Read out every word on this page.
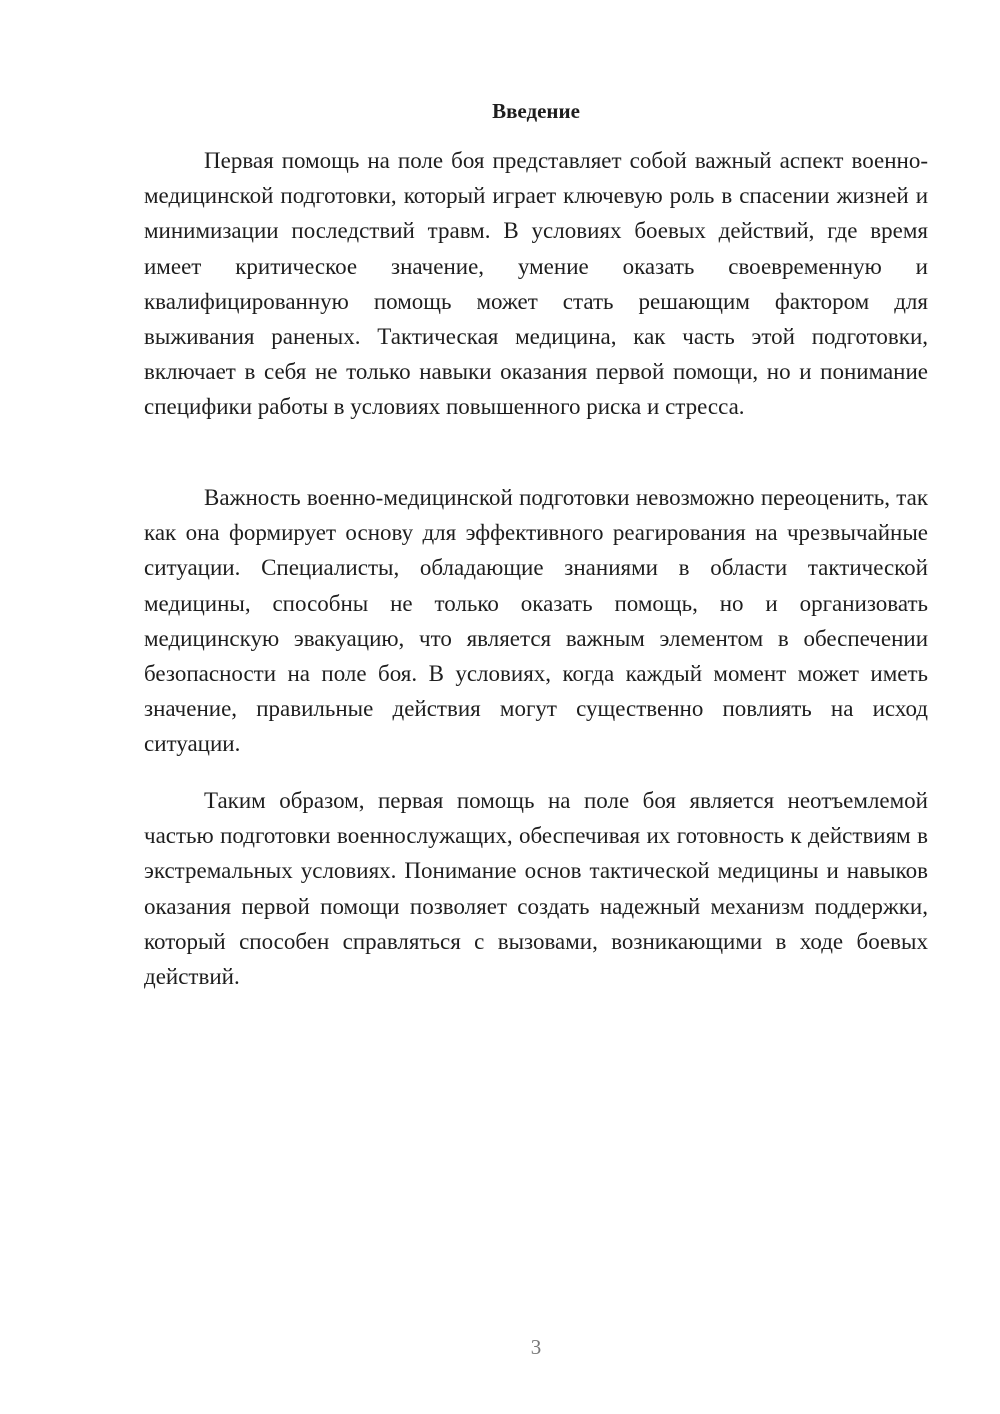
Введение

Первая помощь на поле боя представляет собой важный аспект военно-медицинской подготовки, который играет ключевую роль в спасении жизней и минимизации последствий травм. В условиях боевых действий, где время имеет критическое значение, умение оказать своевременную и квалифицированную помощь может стать решающим фактором для выживания раненых. Тактическая медицина, как часть этой подготовки, включает в себя не только навыки оказания первой помощи, но и понимание специфики работы в условиях повышенного риска и стресса.

Важность военно-медицинской подготовки невозможно переоценить, так как она формирует основу для эффективного реагирования на чрезвычайные ситуации. Специалисты, обладающие знаниями в области тактической медицины, способны не только оказать помощь, но и организовать медицинскую эвакуацию, что является важным элементом в обеспечении безопасности на поле боя. В условиях, когда каждый момент может иметь значение, правильные действия могут существенно повлиять на исход ситуации.

Таким образом, первая помощь на поле боя является неотъемлемой частью подготовки военнослужащих, обеспечивая их готовность к действиям в экстремальных условиях. Понимание основ тактической медицины и навыков оказания первой помощи позволяет создать надежный механизм поддержки, который способен справляться с вызовами, возникающими в ходе боевых действий.

3
